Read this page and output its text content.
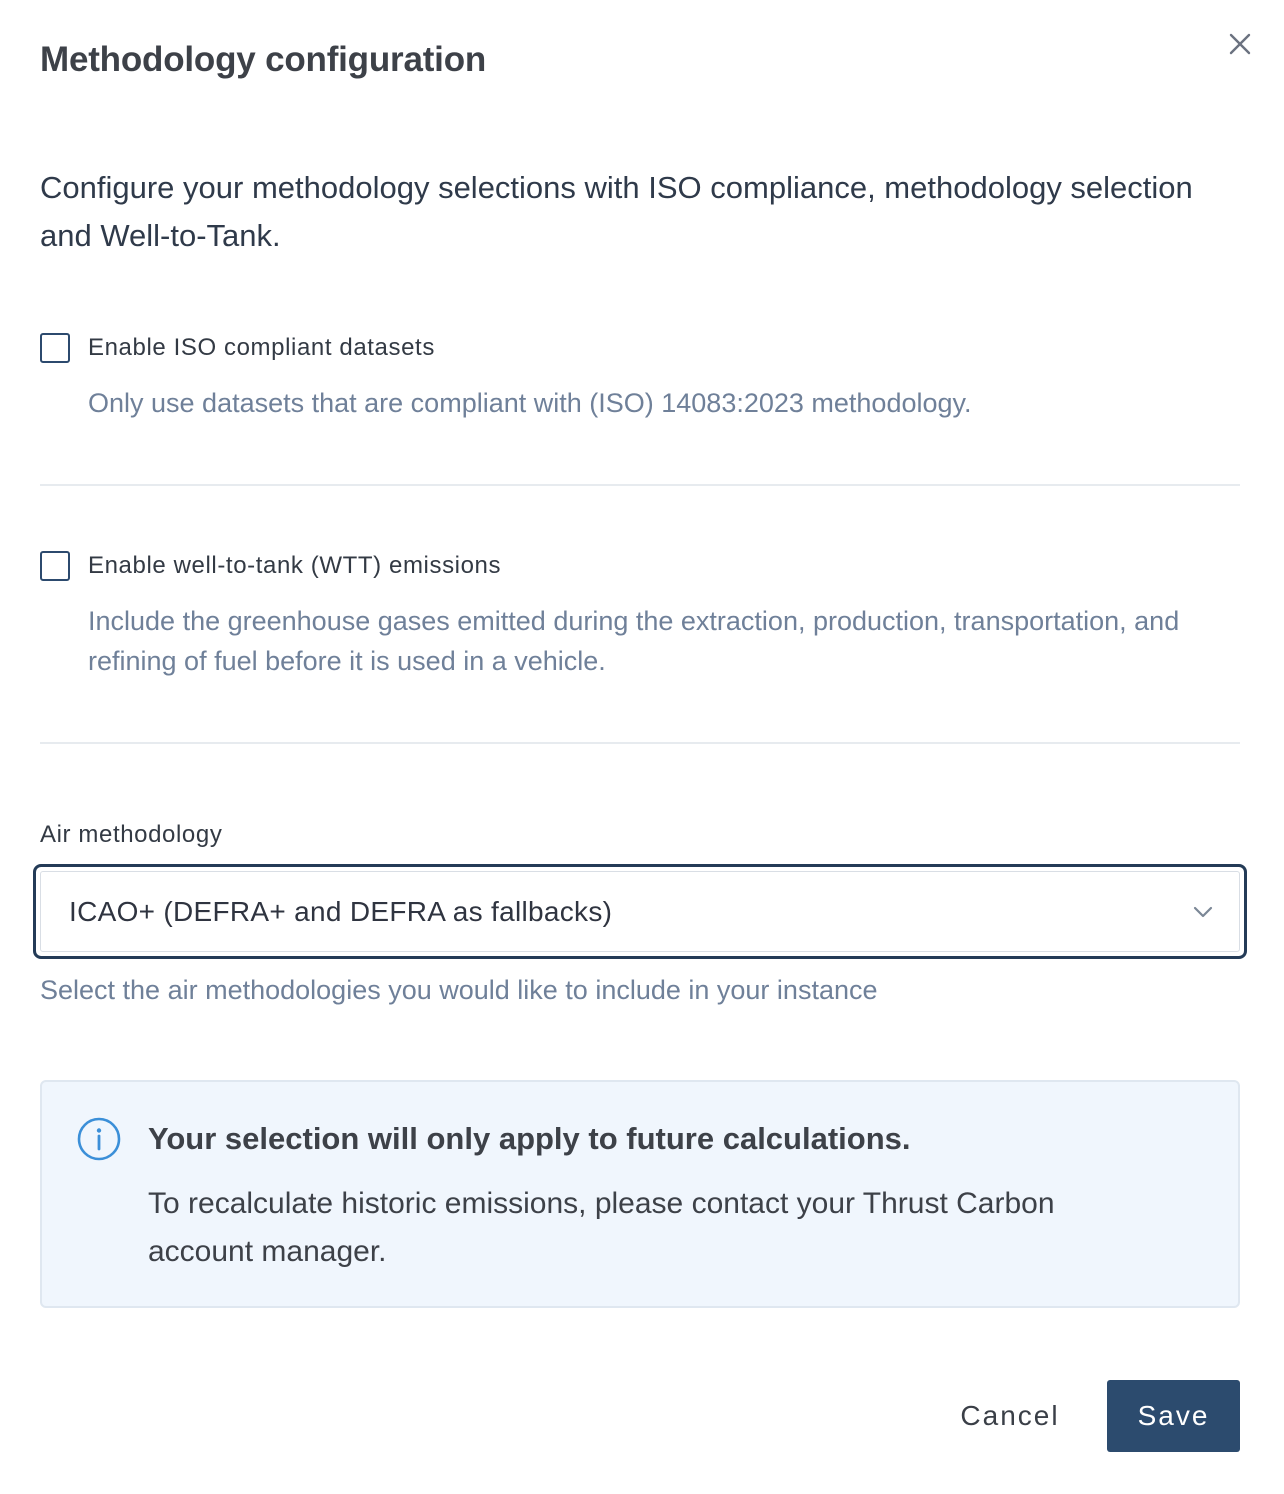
Methodology configuration

Configure your methodology selections with ISO compliance, methodology selection and Well-to-Tank.

Enable ISO compliant datasets

Only use datasets that are compliant with (ISO) 14083:2023 methodology.

Enable well-to-tank (WTT) emissions

Include the greenhouse gases emitted during the extraction, production, transportation, and refining of fuel before it is used in a vehicle.

Air methodology
ICAO+ (DEFRA+ and DEFRA as fallbacks)
Select the air methodologies you would like to include in your instance
Your selection will only apply to future calculations.

To recalculate historic emissions, please contact your Thrust Carbon account manager.

Cancel	Save
